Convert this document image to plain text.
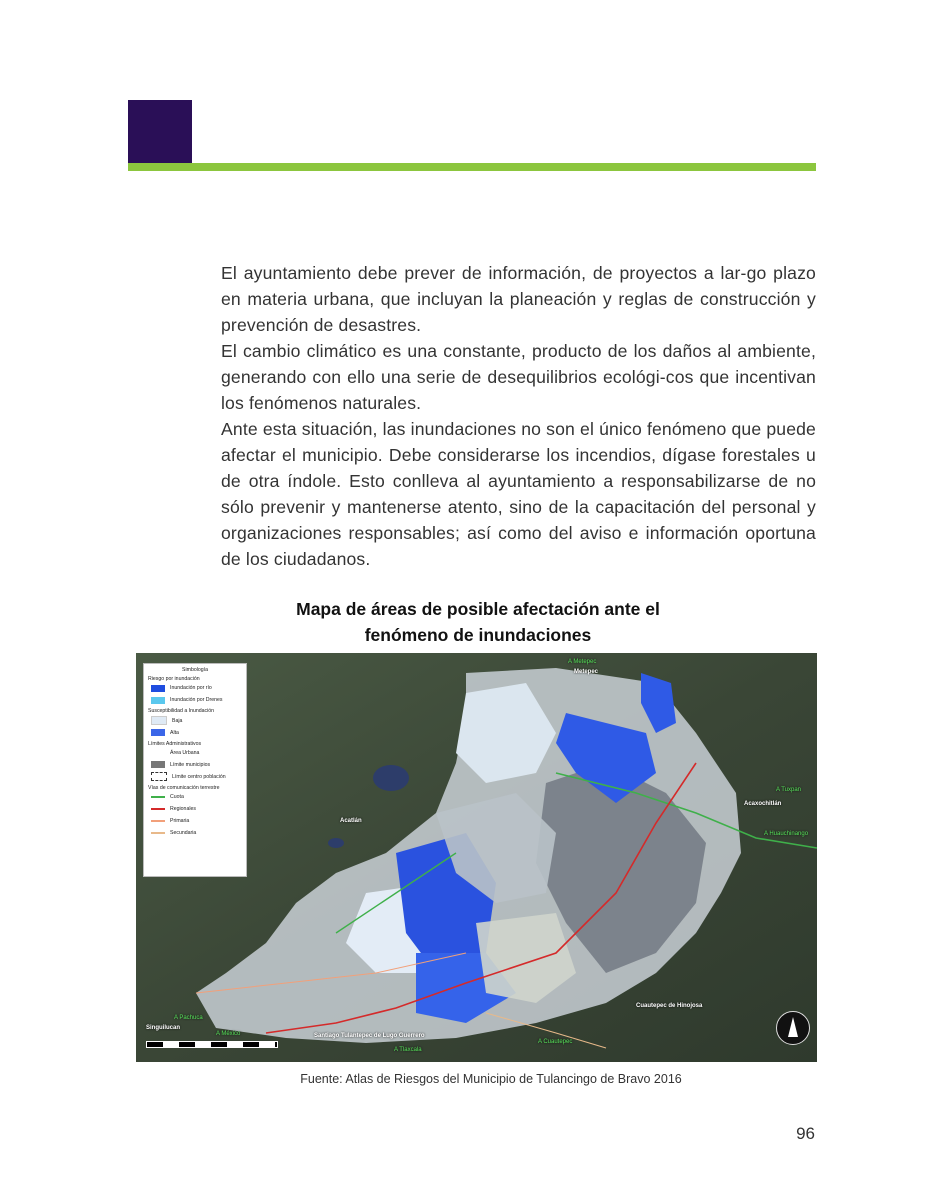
El ayuntamiento debe prever de información, de proyectos a lar-go plazo en materia urbana, que incluyan la planeación y reglas de construcción y prevención de desastres.

El cambio climático es una constante, producto de los daños al ambiente, generando con ello una serie de desequilibrios ecológi-cos que incentivan los fenómenos naturales.

Ante esta situación, las inundaciones no son el único fenómeno que puede afectar el municipio. Debe considerarse los incendios, dígase forestales u de otra índole. Esto conlleva al ayuntamiento a responsabilizarse de no sólo prevenir y mantenerse atento, sino de la capacitación del personal y organizaciones responsables; así como del aviso e información oportuna de los ciudadanos.

Mapa de áreas de posible afectación ante el
fenómeno de inundaciones
Simbología
Riesgo por inundación
Inundación por río
Inundación por Drenes
Susceptibilidad a Inundación
Baja
Alta
Límites Administrativos
Área Urbana
Límite municipios
Límite centro población
Vías de comunicación terrestre
Cuota
Regionales
Primaria
Secundaria
A Metepec
Metepec
Acatlán
A Tuxpan
Acaxochitlán
A Huauchinango
Cuautepec de Hinojosa
A Pachuca
Singuilucan
A México	Santiago Tulantepec de Lugo Guerrero
A Cuautepec
A Tlaxcala
Fuente: Atlas de Riesgos del Municipio de Tulancingo de Bravo 2016
96
